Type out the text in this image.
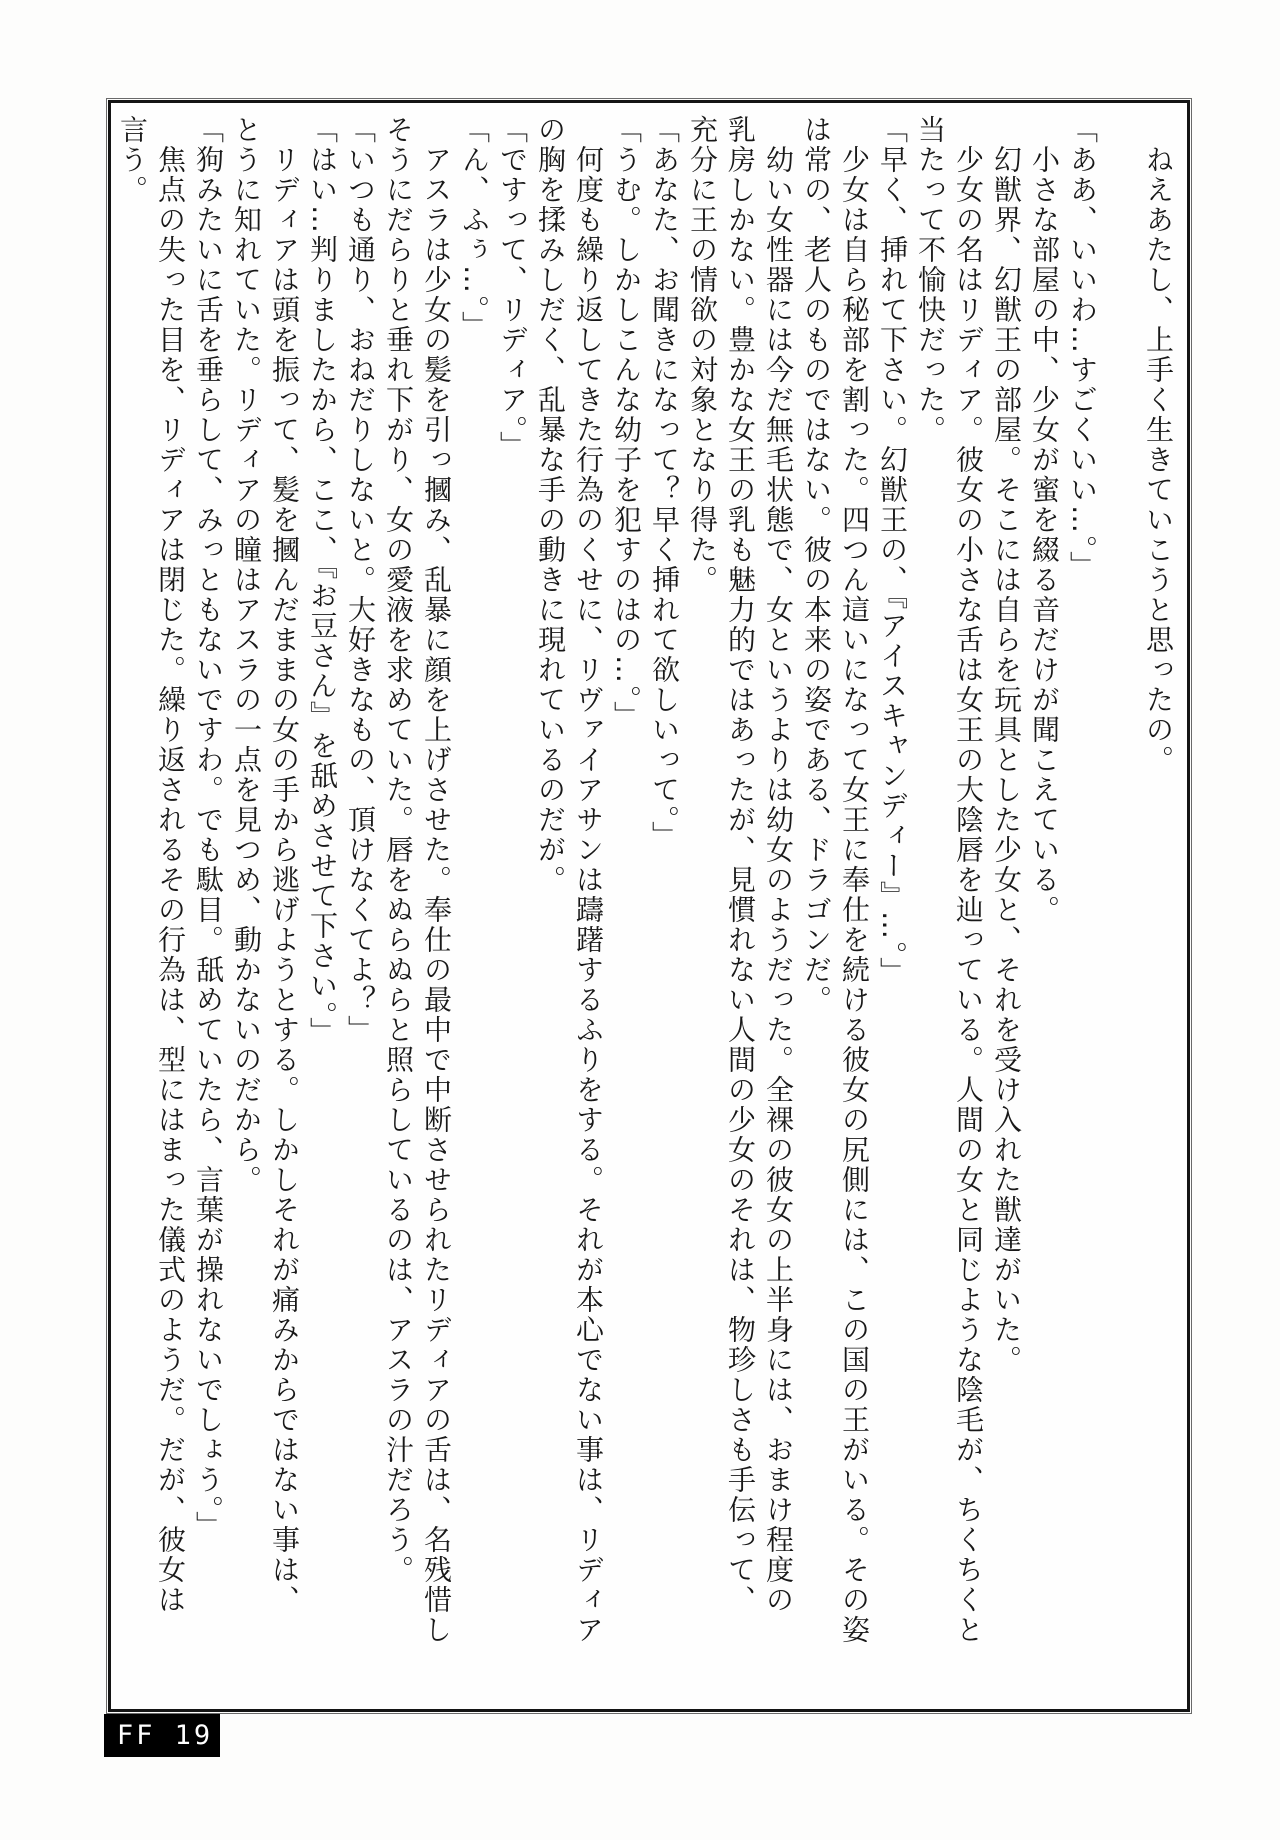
ねえあたし、上手く生きていこうと思ったの。
「ああ、いいわ…すごくいい…。」
小さな部屋の中、少女が蜜を綴る音だけが聞こえている。
幻獣界、幻獣王の部屋。そこには自らを玩具とした少女と、それを受け入れた獣達がいた。
少女の名はリディア。彼女の小さな舌は女王の大陰唇を辿っている。人間の女と同じような陰毛が、ちくちくと
当たって不愉快だった。
「早く、挿れて下さい。幻獣王の、『アイスキャンディー』…。」
少女は自ら秘部を割った。四つん這いになって女王に奉仕を続ける彼女の尻側には、この国の王がいる。その姿
は常の、老人のものではない。彼の本来の姿である、ドラゴンだ。
幼い女性器には今だ無毛状態で、女というよりは幼女のようだった。全裸の彼女の上半身には、おまけ程度の
乳房しかない。豊かな女王の乳も魅力的ではあったが、見慣れない人間の少女のそれは、物珍しさも手伝って、
充分に王の情欲の対象となり得た。
「あなた、お聞きになって？早く挿れて欲しいって。」
「うむ。しかしこんな幼子を犯すのはの…。」
何度も繰り返してきた行為のくせに、リヴァイアサンは躊躇するふりをする。それが本心でない事は、リディア
の胸を揉みしだく、乱暴な手の動きに現れているのだが。
「ですって、リディア。」
「ん、ふぅ…。」
アスラは少女の髪を引っ摑み、乱暴に顔を上げさせた。奉仕の最中で中断させられたリディアの舌は、名残惜し
そうにだらりと垂れ下がり、女の愛液を求めていた。唇をぬらぬらと照らしているのは、アスラの汁だろう。
「いつも通り、おねだりしないと。大好きなもの、頂けなくてよ？」
「はい…判りましたから、ここ、『お豆さん』を舐めさせて下さい。」
リディアは頭を振って、髪を摑んだままの女の手から逃げようとする。しかしそれが痛みからではない事は、
とうに知れていた。リディアの瞳はアスラの一点を見つめ、動かないのだから。
「狗みたいに舌を垂らして、みっともないですわ。でも駄目。舐めていたら、言葉が操れないでしょう。」
焦点の失った目を、リディアは閉じた。繰り返されるその行為は、型にはまった儀式のようだ。だが、彼女は
言う。
FF 19
